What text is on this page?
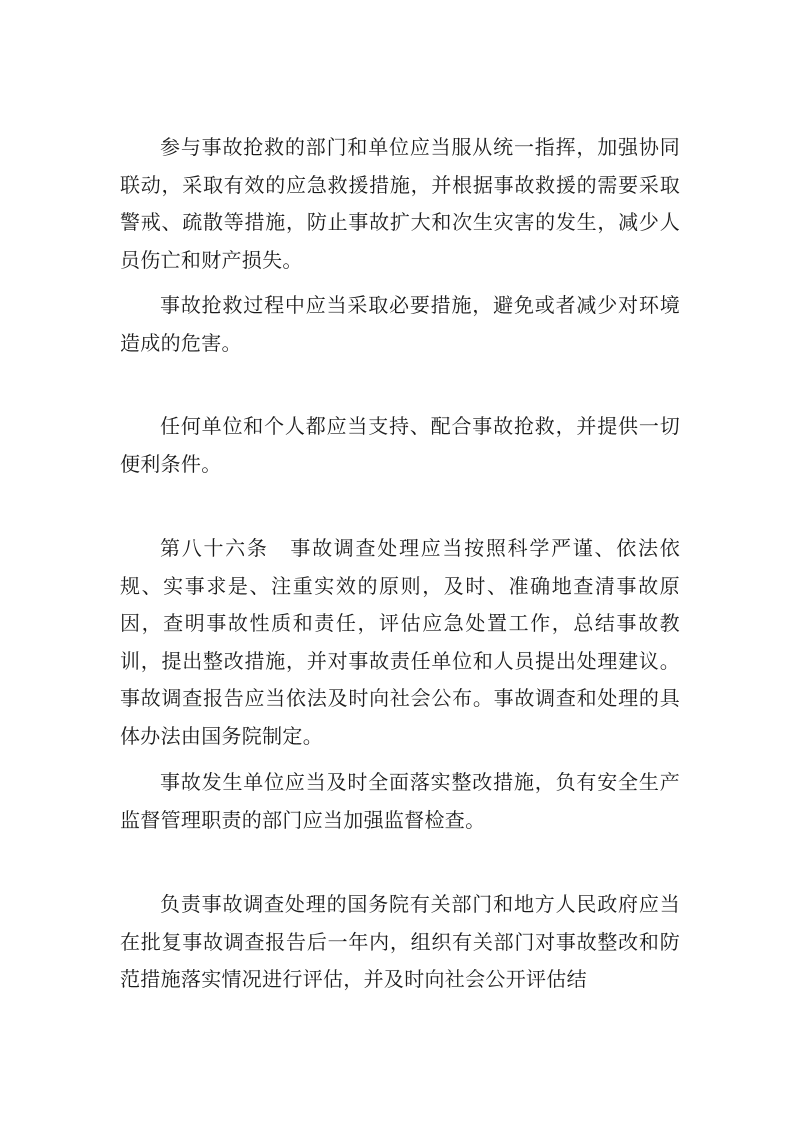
参与事故抢救的部门和单位应当服从统一指挥，加强协同联动，采取有效的应急救援措施，并根据事故救援的需要采取警戒、疏散等措施，防止事故扩大和次生灾害的发生，减少人员伤亡和财产损失。

事故抢救过程中应当采取必要措施，避免或者减少对环境造成的危害。

任何单位和个人都应当支持、配合事故抢救，并提供一切便利条件。

第八十六条　事故调查处理应当按照科学严谨、依法依规、实事求是、注重实效的原则，及时、准确地查清事故原因，查明事故性质和责任，评估应急处置工作，总结事故教训，提出整改措施，并对事故责任单位和人员提出处理建议。事故调查报告应当依法及时向社会公布。事故调查和处理的具体办法由国务院制定。

事故发生单位应当及时全面落实整改措施，负有安全生产监督管理职责的部门应当加强监督检查。

负责事故调查处理的国务院有关部门和地方人民政府应当在批复事故调查报告后一年内，组织有关部门对事故整改和防范措施落实情况进行评估，并及时向社会公开评估结
